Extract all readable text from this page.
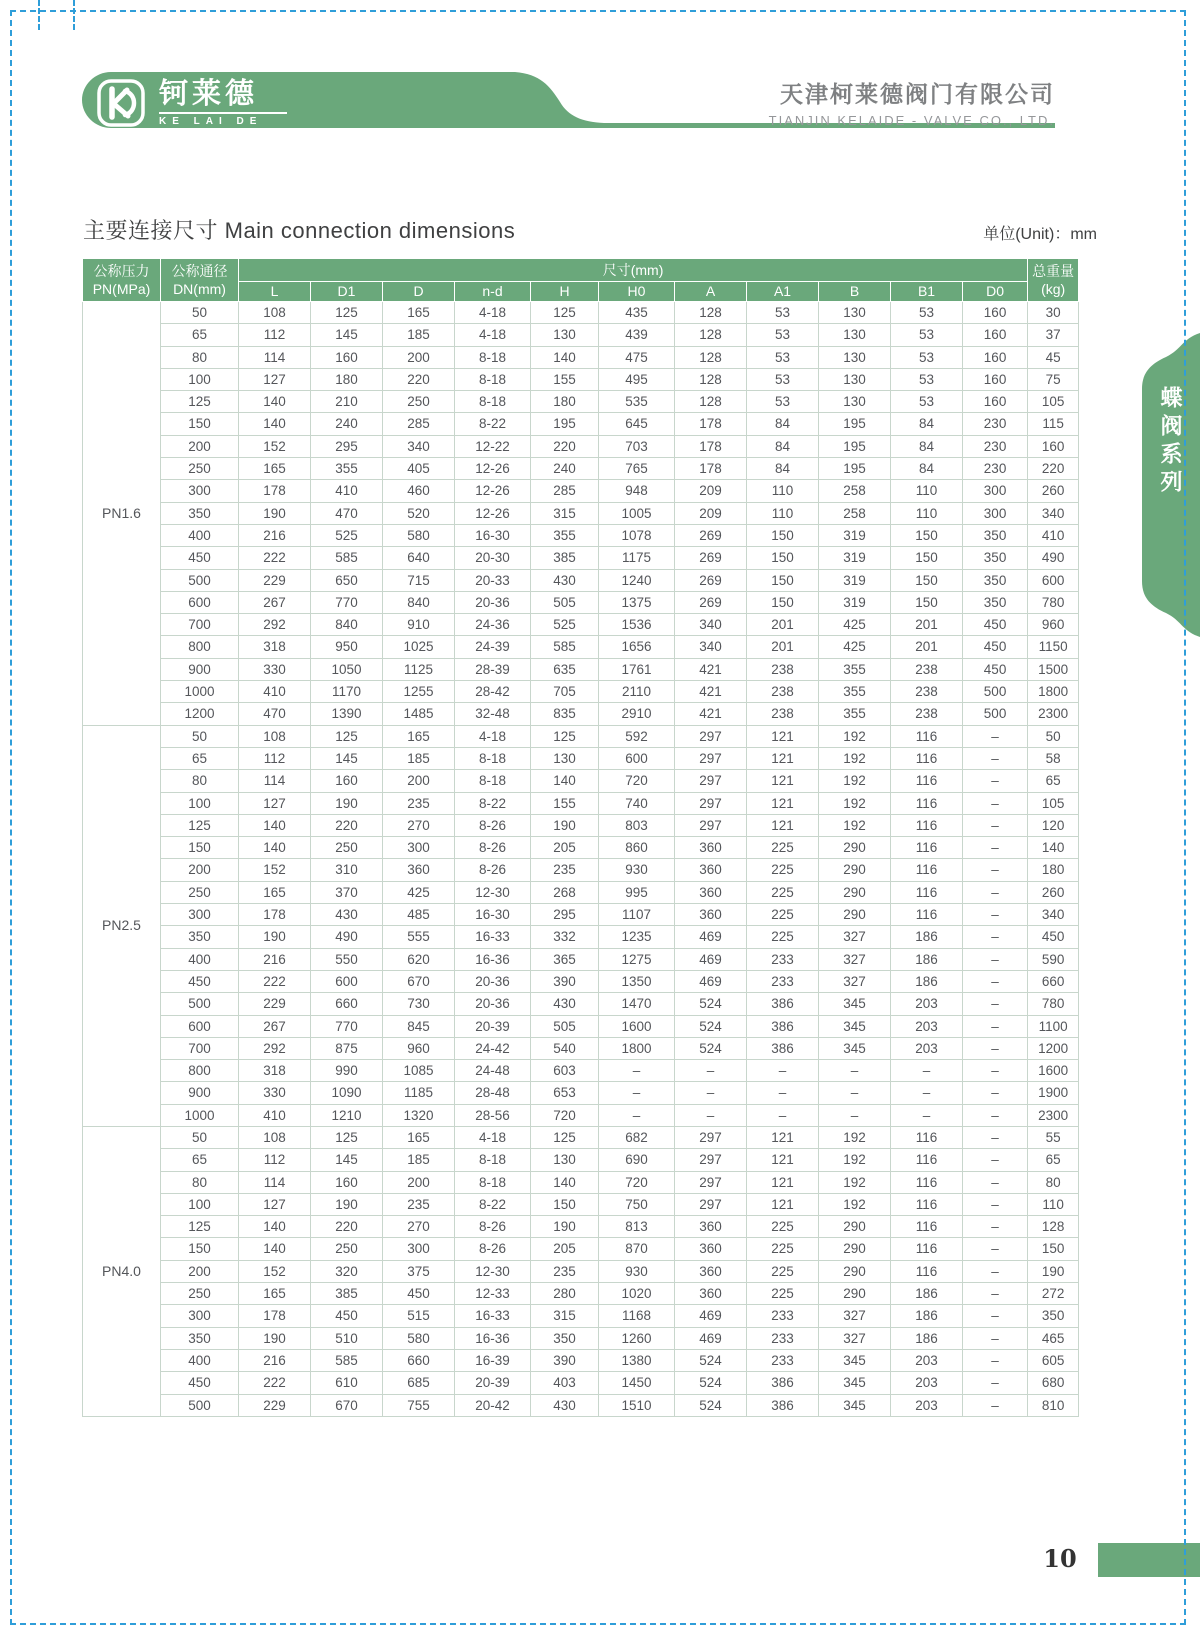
钶莱德
KE LAI DE
天津柯莱德阀门有限公司
TIANJIN KELAIDE - VALVE CO., LTD.
主要连接尺寸 Main connection dimensions	单位(Unit)：mm
公称压力
PN(MPa)

公称通径
DN(mm)
	尺寸(mm)	总重量
(kg)

		L	D1	D	n-d	H	H0	A	A1	B	B1	D0	
PN1.6	50	108	125	165	4-18	125	435	128	53	130	53	160	30
	65	112	145	185	4-18	130	439	128	53	130	53	160	37
	80	114	160	200	8-18	140	475	128	53	130	53	160	45
	100	127	180	220	8-18	155	495	128	53	130	53	160	75
	125	140	210	250	8-18	180	535	128	53	130	53	160	105
	150	140	240	285	8-22	195	645	178	84	195	84	230	115
	200	152	295	340	12-22	220	703	178	84	195	84	230	160
	250	165	355	405	12-26	240	765	178	84	195	84	230	220
	300	178	410	460	12-26	285	948	209	110	258	110	300	260
	350	190	470	520	12-26	315	1005	209	110	258	110	300	340
	400	216	525	580	16-30	355	1078	269	150	319	150	350	410
	450	222	585	640	20-30	385	1175	269	150	319	150	350	490
	500	229	650	715	20-33	430	1240	269	150	319	150	350	600
	600	267	770	840	20-36	505	1375	269	150	319	150	350	780
	700	292	840	910	24-36	525	1536	340	201	425	201	450	960
	800	318	950	1025	24-39	585	1656	340	201	425	201	450	1150
	900	330	1050	1125	28-39	635	1761	421	238	355	238	450	1500
	1000	410	1170	1255	28-42	705	2110	421	238	355	238	500	1800
	1200	470	1390	1485	32-48	835	2910	421	238	355	238	500	2300
PN2.5	50	108	125	165	4-18	125	592	297	121	192	116	–	50
	65	112	145	185	8-18	130	600	297	121	192	116	–	58
	80	114	160	200	8-18	140	720	297	121	192	116	–	65
	100	127	190	235	8-22	155	740	297	121	192	116	–	105
	125	140	220	270	8-26	190	803	297	121	192	116	–	120
	150	140	250	300	8-26	205	860	360	225	290	116	–	140
	200	152	310	360	8-26	235	930	360	225	290	116	–	180
	250	165	370	425	12-30	268	995	360	225	290	116	–	260
	300	178	430	485	16-30	295	1107	360	225	290	116	–	340
	350	190	490	555	16-33	332	1235	469	225	327	186	–	450
	400	216	550	620	16-36	365	1275	469	233	327	186	–	590
	450	222	600	670	20-36	390	1350	469	233	327	186	–	660
	500	229	660	730	20-36	430	1470	524	386	345	203	–	780
	600	267	770	845	20-39	505	1600	524	386	345	203	–	1100
	700	292	875	960	24-42	540	1800	524	386	345	203	–	1200
	800	318	990	1085	24-48	603	–	–	–	–	–	–	1600
	900	330	1090	1185	28-48	653	–	–	–	–	–	–	1900
	1000	410	1210	1320	28-56	720	–	–	–	–	–	–	2300
PN4.0	50	108	125	165	4-18	125	682	297	121	192	116	–	55
	65	112	145	185	8-18	130	690	297	121	192	116	–	65
	80	114	160	200	8-18	140	720	297	121	192	116	–	80
	100	127	190	235	8-22	150	750	297	121	192	116	–	110
	125	140	220	270	8-26	190	813	360	225	290	116	–	128
	150	140	250	300	8-26	205	870	360	225	290	116	–	150
	200	152	320	375	12-30	235	930	360	225	290	116	–	190
	250	165	385	450	12-33	280	1020	360	225	290	186	–	272
	300	178	450	515	16-33	315	1168	469	233	327	186	–	350
	350	190	510	580	16-36	350	1260	469	233	327	186	–	465
	400	216	585	660	16-39	390	1380	524	233	345	203	–	605
	450	222	610	685	20-39	403	1450	524	386	345	203	–	680
	500	229	670	755	20-42	430	1510	524	386	345	203	–	810
蝶阀系列
10
